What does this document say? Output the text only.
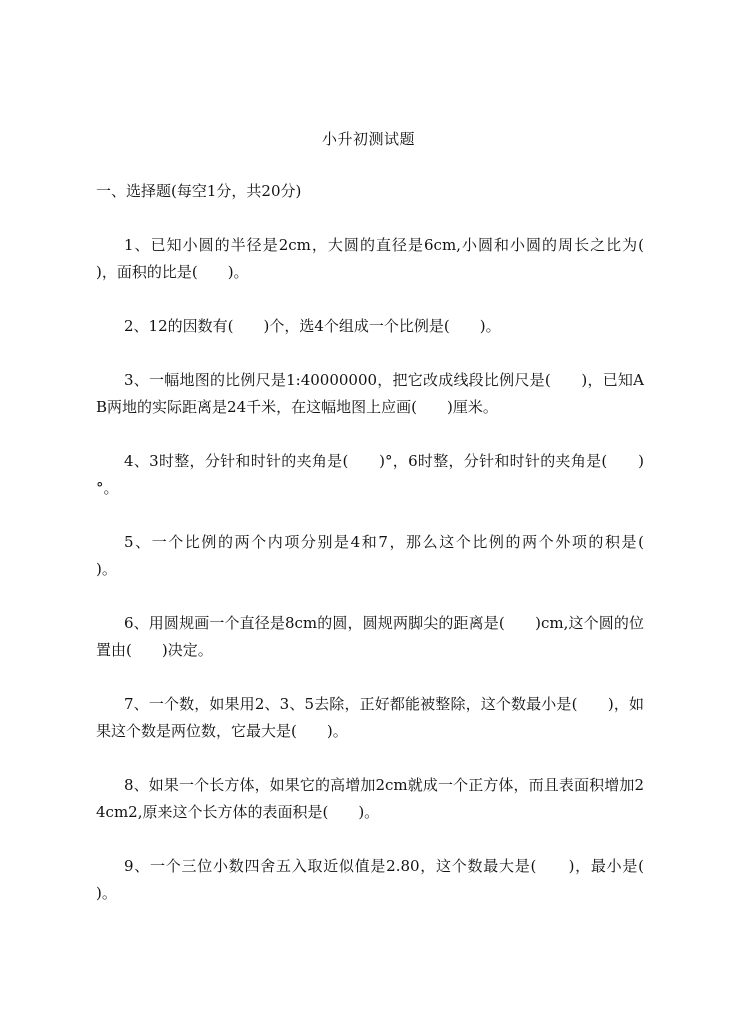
小升初测试题
一、选择题(每空1分，共20分)

1、已知小圆的半径是2cm，大圆的直径是6cm,小圆和小圆的周长之比为(　　)，面积的比是(　　)。

2、12的因数有(　　)个，选4个组成一个比例是(　　)。

3、一幅地图的比例尺是1:40000000，把它改成线段比例尺是(　　)，已知AB两地的实际距离是24千米，在这幅地图上应画(　　)厘米。

4、3时整，分针和时针的夹角是(　　)°，6时整，分针和时针的夹角是(　　)°。

5、一个比例的两个内项分别是4和7，那么这个比例的两个外项的积是(　　)。

6、用圆规画一个直径是8cm的圆，圆规两脚尖的距离是(　　)cm,这个圆的位置由(　　)决定。

7、一个数，如果用2、3、5去除，正好都能被整除，这个数最小是(　　)，如果这个数是两位数，它最大是(　　)。

8、如果一个长方体，如果它的高增加2cm就成一个正方体，而且表面积增加24cm2,原来这个长方体的表面积是(　　)。

9、一个三位小数四舍五入取近似值是2.80，这个数最大是(　　)，最小是(　　)。
